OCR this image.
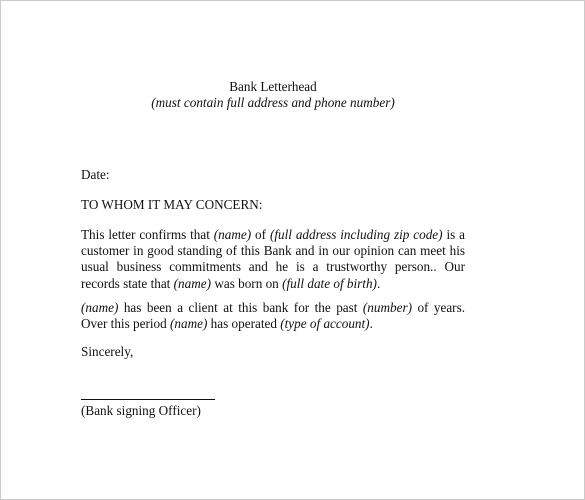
Bank Letterhead
(must contain full address and phone number)
Date:
TO WHOM IT MAY CONCERN:
This letter confirms that (name) of (full address including zip code) is a customer in good standing of this Bank and in our opinion can meet his usual business commitments and he is a trustworthy person.. Our records state that (name) was born on (full date of birth).
(name) has been a client at this bank for the past (number) of years. Over this period (name) has operated (type of account).
Sincerely,
(Bank signing Officer)
